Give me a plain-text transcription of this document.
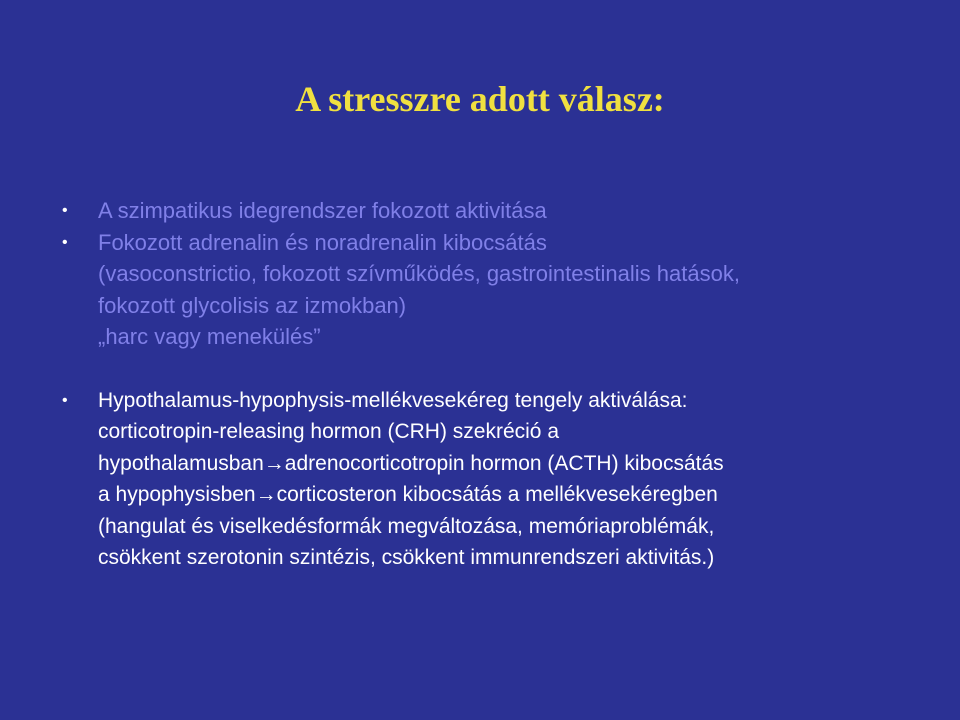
A stresszre adott válasz:
• A szimpatikus idegrendszer fokozott aktivitása
• Fokozott adrenalin és noradrenalin kibocsátás
(vasoconstrictio, fokozott szívműködés, gastrointestinalis hatások,
fokozott glycolisis az izmokban)
„harc vagy menekülés”
• Hypothalamus-hypophysis-mellékvesekéreg tengely aktiválása:
corticotropin-releasing hormon (CRH) szekréció a
hypothalamusban→adrenocorticotropin hormon (ACTH) kibocsátás
a hypophysisben→corticosteron kibocsátás a mellékvesekéregben
(hangulat és viselkedésformák megváltozása, memóriaproblémák,
csökkent szerotonin szintézis, csökkent immunrendszeri aktivitás.)
